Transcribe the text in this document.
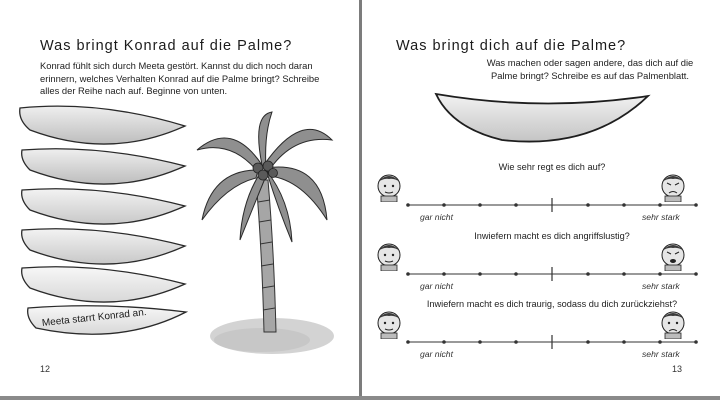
Was bringt Konrad auf die Palme?
Konrad fühlt sich durch Meeta gestört. Kannst du dich noch daran erinnern, welches Verhalten Konrad auf die Palme bringt? Schreibe alles der Reihe nach auf. Beginne von unten.
Meeta starrt Konrad an.
12
Was bringt dich auf die Palme?
Was machen oder sagen andere, das dich auf die Palme bringt? Schreibe es auf das Palmenblatt.
Wie sehr regt es dich auf?
gar nicht	sehr stark
Inwiefern macht es dich angriffslustig?
gar nicht	sehr stark
Inwiefern macht es dich traurig, sodass du dich zurückziehst?
gar nicht	sehr stark
13
